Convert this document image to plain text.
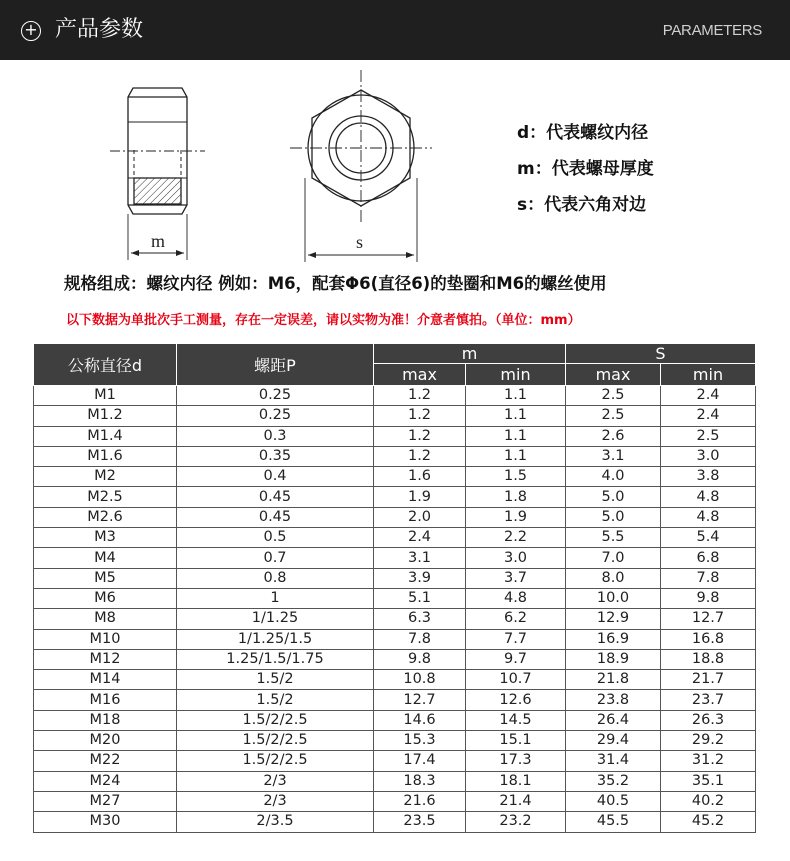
+ 产品参数	PARAMETERS
m	s
d：代表螺纹内径
m：代表螺母厚度
s：代表六角对边
规格组成：螺纹内径 例如：M6，配套Φ6(直径6)的垫圈和M6的螺丝使用
以下数据为单批次手工测量，存在一定误差，请以实物为准！介意者慎拍。（单位：mm）
公称直径d	螺距P	m		S	
		max	min	max	min
M1	0.25	1.2	1.1	2.5	2.4
M1.2	0.25	1.2	1.1	2.5	2.4
M1.4	0.3	1.2	1.1	2.6	2.5
M1.6	0.35	1.2	1.1	3.1	3.0
M2	0.4	1.6	1.5	4.0	3.8
M2.5	0.45	1.9	1.8	5.0	4.8
M2.6	0.45	2.0	1.9	5.0	4.8
M3	0.5	2.4	2.2	5.5	5.4
M4	0.7	3.1	3.0	7.0	6.8
M5	0.8	3.9	3.7	8.0	7.8
M6	1	5.1	4.8	10.0	9.8
M8	1/1.25	6.3	6.2	12.9	12.7
M10	1/1.25/1.5	7.8	7.7	16.9	16.8
M12	1.25/1.5/1.75	9.8	9.7	18.9	18.8
M14	1.5/2	10.8	10.7	21.8	21.7
M16	1.5/2	12.7	12.6	23.8	23.7
M18	1.5/2/2.5	14.6	14.5	26.4	26.3
M20	1.5/2/2.5	15.3	15.1	29.4	29.2
M22	1.5/2/2.5	17.4	17.3	31.4	31.2
M24	2/3	18.3	18.1	35.2	35.1
M27	2/3	21.6	21.4	40.5	40.2
M30	2/3.5	23.5	23.2	45.5	45.2
